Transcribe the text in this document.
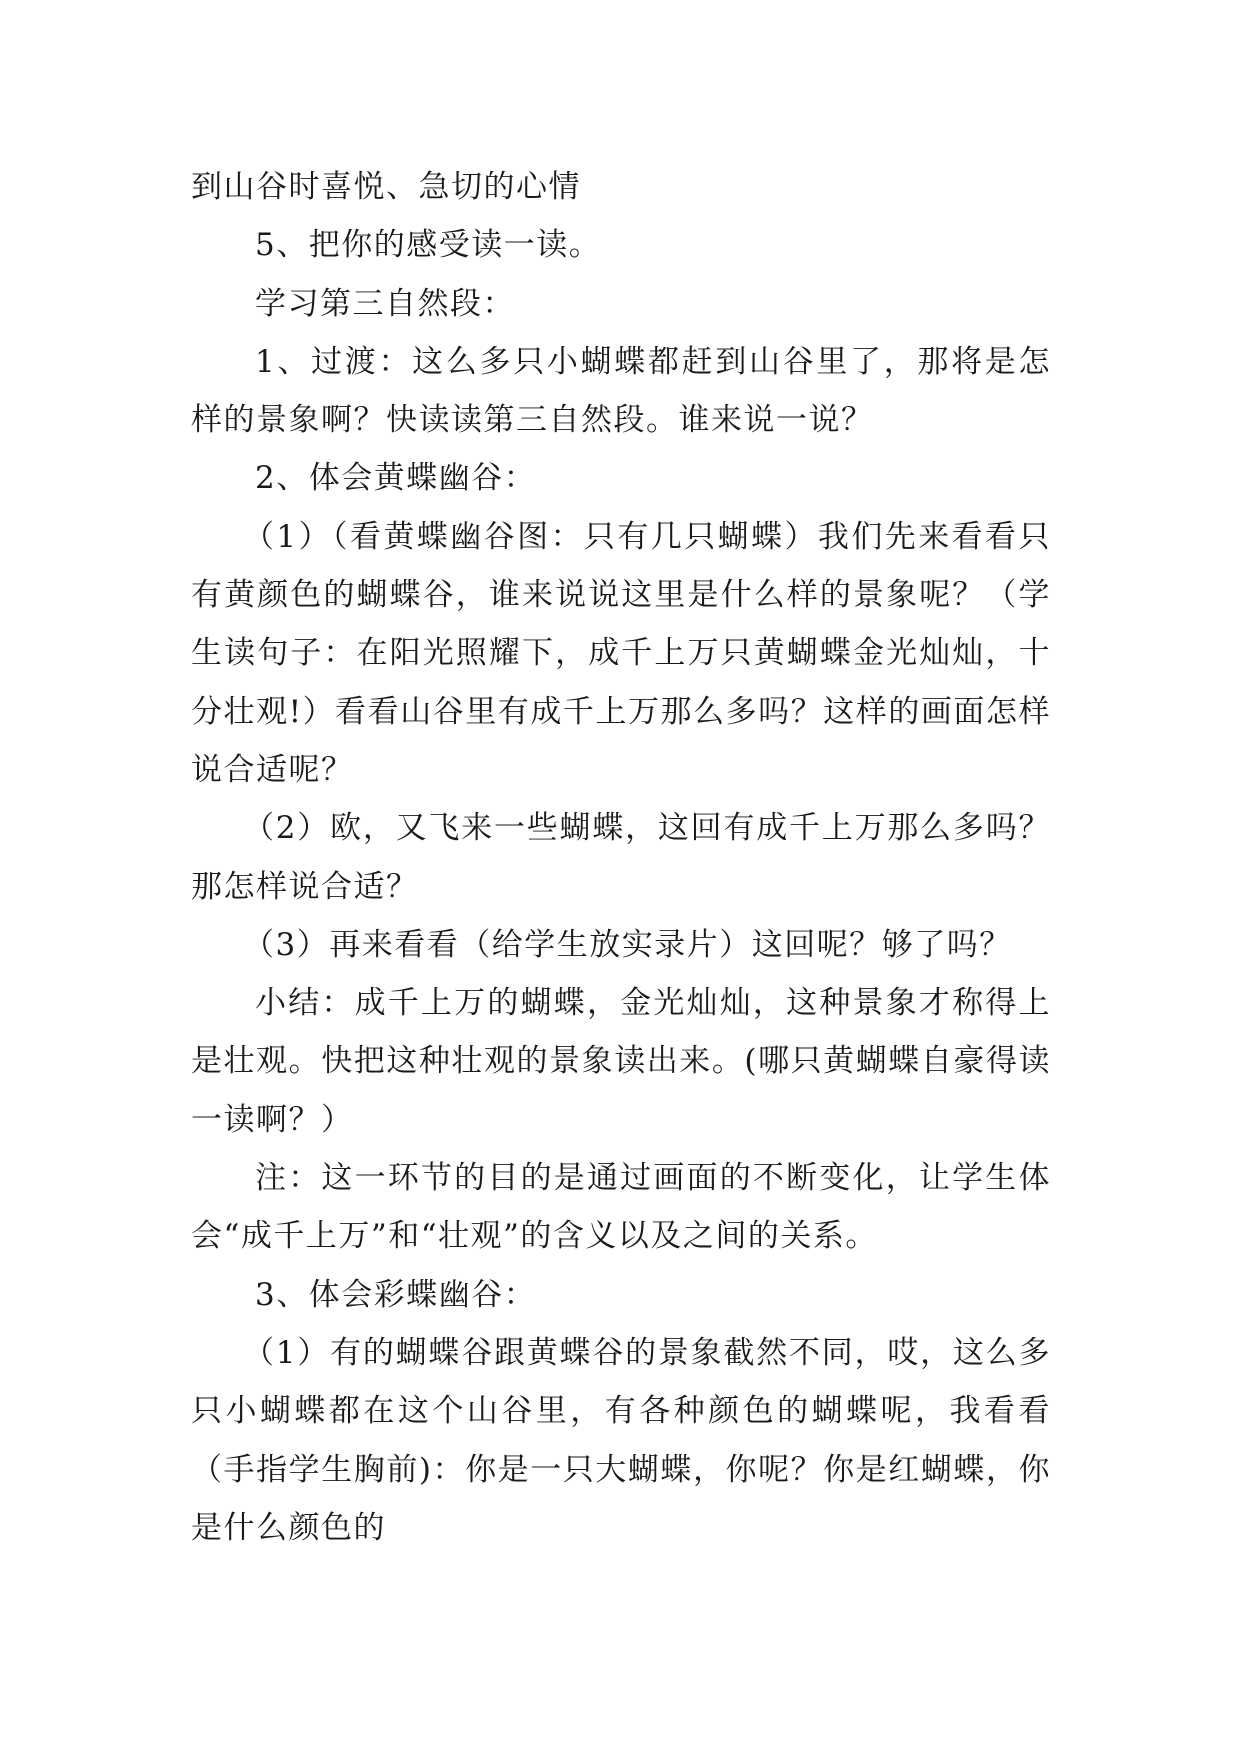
到山谷时喜悦、急切的心情

5、把你的感受读一读。

学习第三自然段：

1、过渡：这么多只小蝴蝶都赶到山谷里了，那将是怎样的景象啊？快读读第三自然段。谁来说一说？

2、体会黄蝶幽谷：

（1）（看黄蝶幽谷图：只有几只蝴蝶）我们先来看看只有黄颜色的蝴蝶谷，谁来说说这里是什么样的景象呢？（学生读句子：在阳光照耀下，成千上万只黄蝴蝶金光灿灿，十分壮观!）看看山谷里有成千上万那么多吗？这样的画面怎样说合适呢？

（2）欧，又飞来一些蝴蝶，这回有成千上万那么多吗？那怎样说合适？

（3）再来看看（给学生放实录片）这回呢？够了吗？

小结：成千上万的蝴蝶，金光灿灿，这种景象才称得上是壮观。快把这种壮观的景象读出来。(哪只黄蝴蝶自豪得读一读啊？）

注：这一环节的目的是通过画面的不断变化，让学生体会“成千上万”和“壮观”的含义以及之间的关系。

3、体会彩蝶幽谷：

（1）有的蝴蝶谷跟黄蝶谷的景象截然不同，哎，这么多只小蝴蝶都在这个山谷里，有各种颜色的蝴蝶呢，我看看（手指学生胸前)：你是一只大蝴蝶，你呢？你是红蝴蝶，你是什么颜色的
